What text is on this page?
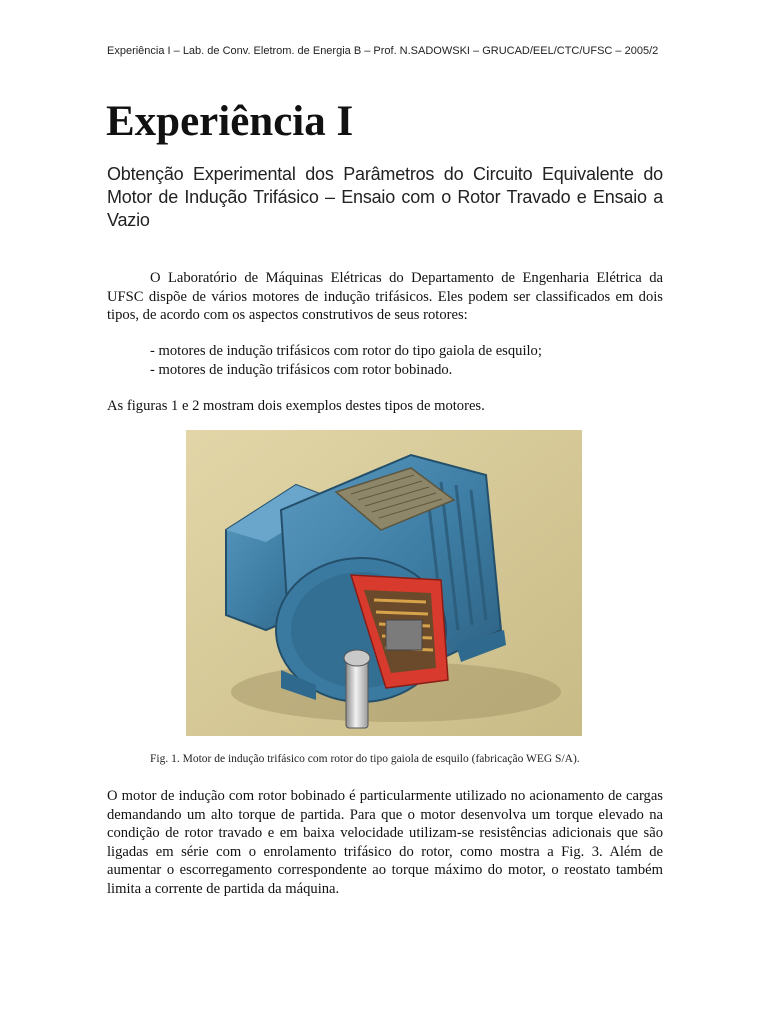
Experiência I – Lab. de Conv. Eletrom. de Energia B – Prof. N.SADOWSKI – GRUCAD/EEL/CTC/UFSC – 2005/2
Experiência I

Obtenção Experimental dos Parâmetros do Circuito Equivalente do Motor de Indução Trifásico – Ensaio com o Rotor Travado e Ensaio a Vazio

O Laboratório de Máquinas Elétricas do Departamento de Engenharia Elétrica da UFSC dispõe de vários motores de indução trifásicos. Eles podem ser classificados em dois tipos, de acordo com os aspectos construtivos de seus rotores:

- motores de indução trifásicos com rotor do tipo gaiola de esquilo;
- motores de indução trifásicos com rotor bobinado.

As figuras 1 e 2 mostram dois exemplos destes tipos de motores.

Fig. 1. Motor de indução trifásico com rotor do tipo gaiola de esquilo (fabricação WEG S/A).

O motor de indução com rotor bobinado é particularmente utilizado no acionamento de cargas demandando um alto torque de partida. Para que o motor desenvolva um torque elevado na condição de rotor travado e em baixa velocidade utilizam-se resistências adicionais que são ligadas em série com o enrolamento trifásico do rotor, como mostra a Fig. 3. Além de aumentar o escorregamento correspondente ao torque máximo do motor, o reostato também limita a corrente de partida da máquina.
